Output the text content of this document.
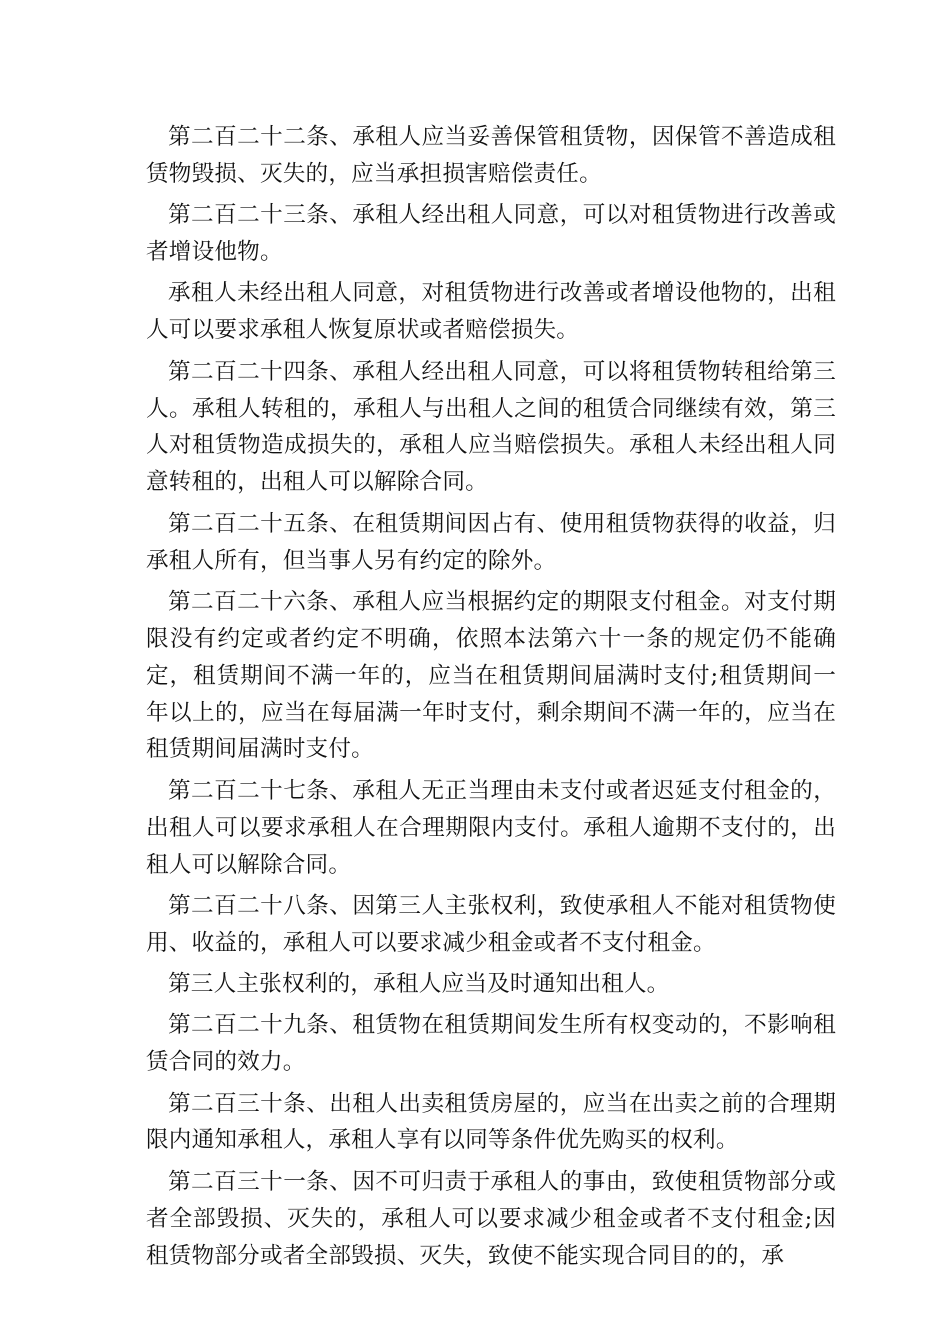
第二百二十二条、承租人应当妥善保管租赁物，因保管不善造成租赁物毁损、灭失的，应当承担损害赔偿责任。

第二百二十三条、承租人经出租人同意，可以对租赁物进行改善或者增设他物。

承租人未经出租人同意，对租赁物进行改善或者增设他物的，出租人可以要求承租人恢复原状或者赔偿损失。

第二百二十四条、承租人经出租人同意，可以将租赁物转租给第三人。承租人转租的，承租人与出租人之间的租赁合同继续有效，第三人对租赁物造成损失的，承租人应当赔偿损失。承租人未经出租人同意转租的，出租人可以解除合同。

第二百二十五条、在租赁期间因占有、使用租赁物获得的收益，归承租人所有，但当事人另有约定的除外。

第二百二十六条、承租人应当根据约定的期限支付租金。对支付期限没有约定或者约定不明确，依照本法第六十一条的规定仍不能确定，租赁期间不满一年的，应当在租赁期间届满时支付;租赁期间一年以上的，应当在每届满一年时支付，剩余期间不满一年的，应当在租赁期间届满时支付。

第二百二十七条、承租人无正当理由未支付或者迟延支付租金的，出租人可以要求承租人在合理期限内支付。承租人逾期不支付的，出租人可以解除合同。

第二百二十八条、因第三人主张权利，致使承租人不能对租赁物使用、收益的，承租人可以要求减少租金或者不支付租金。

第三人主张权利的，承租人应当及时通知出租人。

第二百二十九条、租赁物在租赁期间发生所有权变动的，不影响租赁合同的效力。

第二百三十条、出租人出卖租赁房屋的，应当在出卖之前的合理期限内通知承租人，承租人享有以同等条件优先购买的权利。

第二百三十一条、因不可归责于承租人的事由，致使租赁物部分或者全部毁损、灭失的，承租人可以要求减少租金或者不支付租金;因租赁物部分或者全部毁损、灭失，致使不能实现合同目的的，承
